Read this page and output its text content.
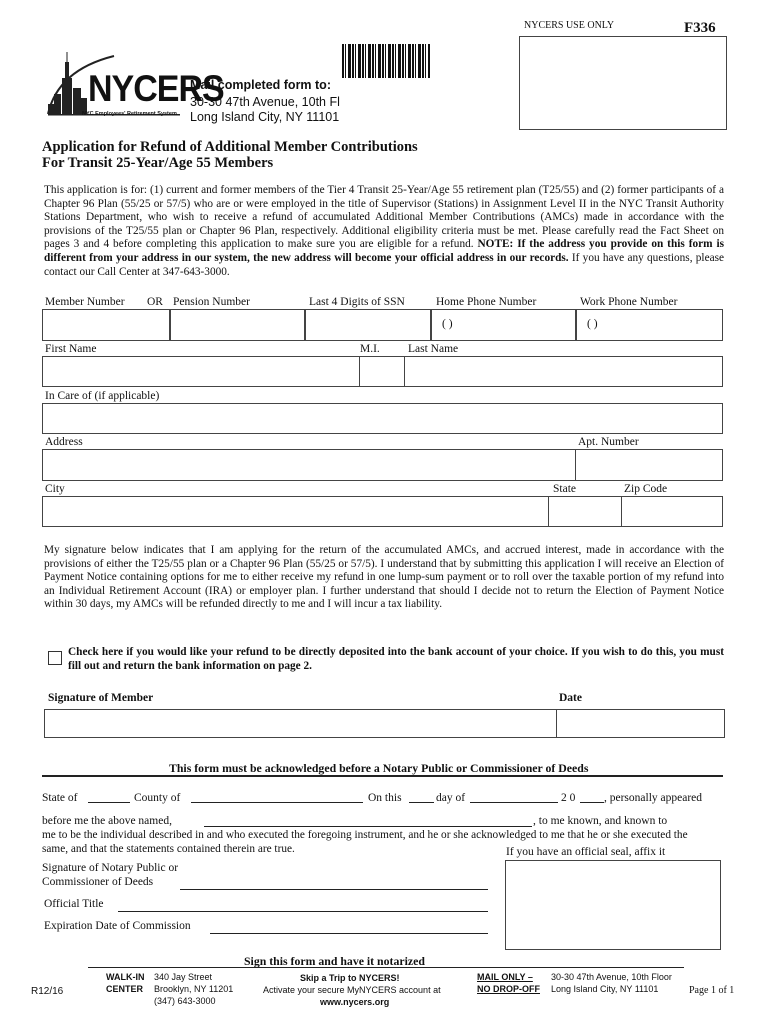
NYCERS USE ONLY	F336
NYCERS
NYC Employees' Retirement System
Mail completed form to:
30-30 47th Avenue, 10th Fl
Long Island City, NY 11101
Application for Refund of Additional Member Contributions
For Transit 25-Year/Age 55 Members
This application is for: (1) current and former members of the Tier 4 Transit 25-Year/Age 55 retirement plan (T25/55) and (2) former participants of a Chapter 96 Plan (55/25 or 57/5) who are or were employed in the title of Supervisor (Stations) in Assignment Level II in the NYC Transit Authority Stations Department, who wish to receive a refund of accumulated Additional Member Contributions (AMCs) made in accordance with the provisions of the T25/55 plan or Chapter 96 Plan, respectively. Additional eligibility criteria must be met. Please carefully read the Fact Sheet on pages 3 and 4 before completing this application to make sure you are eligible for a refund. NOTE: If the address you provide on this form is different from your address in our system, the new address will become your official address in our records. If you have any questions, please contact our Call Center at 347-643-3000.
Member Number OR Pension Number	Last 4 Digits of SSN	Home Phone Number	Work Phone Number
( )	( )
First Name	M.I. Last Name
In Care of (if applicable)
Address	Apt. Number
City	State	Zip Code
My signature below indicates that I am applying for the return of the accumulated AMCs, and accrued interest, made in accordance with the provisions of either the T25/55 plan or a Chapter 96 Plan (55/25 or 57/5). I understand that by submitting this application I will receive an Election of Payment Notice containing options for me to either receive my refund in one lump-sum payment or to roll over the taxable portion of my refund into an Individual Retirement Account (IRA) or employer plan. I further understand that should I decide not to return the Election of Payment Notice within 30 days, my AMCs will be refunded directly to me and I will incur a tax liability.
Check here if you would like your refund to be directly deposited into the bank account of your choice. If you wish to do this, you must fill out and return the bank information on page 2.
Signature of Member	Date
This form must be acknowledged before a Notary Public or Commissioner of Deeds
State of	County of	On this	day of	2 0 , personally appeared
before me the above named,	, to me known, and known to
me to be the individual described in and who executed the foregoing instrument, and he or she acknowledged to me that he or she executed the same, and that the statements contained therein are true.	If you have an official seal, affix it
Signature of Notary Public or
Commissioner of Deeds
Official Title
Expiration Date of Commission
Sign this form and have it notarized
R12/16
WALK-IN
CENTER
340 Jay Street
Brooklyn, NY 11201
(347) 643-3000
Skip a Trip to NYCERS!
Activate your secure MyNYCERS account at
www.nycers.org
MAIL ONLY –
NO DROP-OFF
30-30 47th Avenue, 10th Floor
Long Island City, NY 11101	Page 1 of 1
